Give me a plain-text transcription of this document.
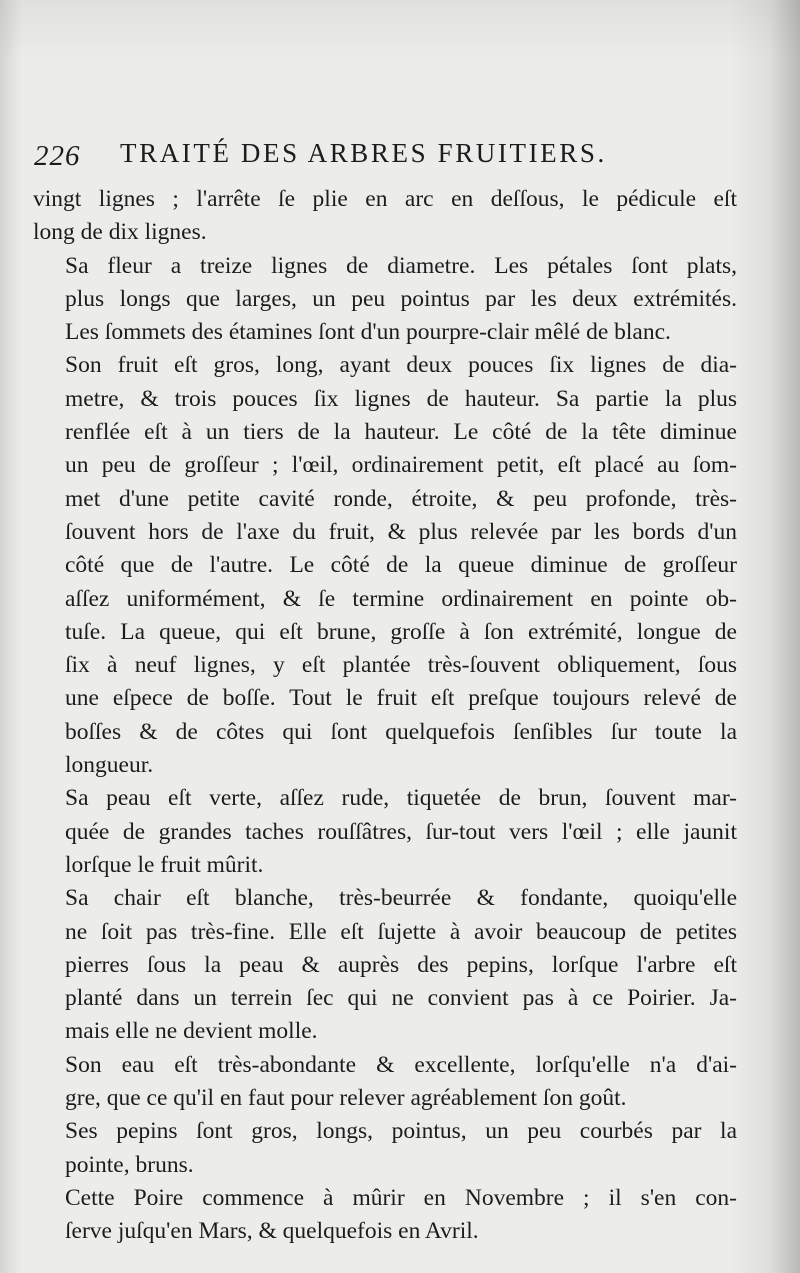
226 TRAITÉ DES ARBRES FRUITIERS.

vingt lignes ; l'arrête ſe plie en arc en deſſous, le pédicule eſt
long de dix lignes.

Sa fleur a treize lignes de diametre. Les pétales ſont plats,
plus longs que larges, un peu pointus par les deux extrémités.
Les ſommets des étamines ſont d'un pourpre-clair mêlé de blanc.

Son fruit eſt gros, long, ayant deux pouces ſix lignes de dia-
metre, & trois pouces ſix lignes de hauteur. Sa partie la plus
renflée eſt à un tiers de la hauteur. Le côté de la tête diminue
un peu de groſſeur ; l'œil, ordinairement petit, eſt placé au ſom-
met d'une petite cavité ronde, étroite, & peu profonde, très-
ſouvent hors de l'axe du fruit, & plus relevée par les bords d'un
côté que de l'autre. Le côté de la queue diminue de groſſeur
aſſez uniformément, & ſe termine ordinairement en pointe ob-
tuſe. La queue, qui eſt brune, groſſe à ſon extrémité, longue de
ſix à neuf lignes, y eſt plantée très-ſouvent obliquement, ſous
une eſpece de boſſe. Tout le fruit eſt preſque toujours relevé de
boſſes & de côtes qui ſont quelquefois ſenſibles ſur toute la
longueur.

Sa peau eſt verte, aſſez rude, tiquetée de brun, ſouvent mar-
quée de grandes taches rouſſâtres, ſur-tout vers l'œil ; elle jaunit
lorſque le fruit mûrit.

Sa chair eſt blanche, très-beurrée & fondante, quoiqu'elle
ne ſoit pas très-fine. Elle eſt ſujette à avoir beaucoup de petites
pierres ſous la peau & auprès des pepins, lorſque l'arbre eſt
planté dans un terrein ſec qui ne convient pas à ce Poirier. Ja-
mais elle ne devient molle.

Son eau eſt très-abondante & excellente, lorſqu'elle n'a d'ai-
gre, que ce qu'il en faut pour relever agréablement ſon goût.

Ses pepins ſont gros, longs, pointus, un peu courbés par la
pointe, bruns.

Cette Poire commence à mûrir en Novembre ; il s'en con-
ſerve juſqu'en Mars, & quelquefois en Avril.
